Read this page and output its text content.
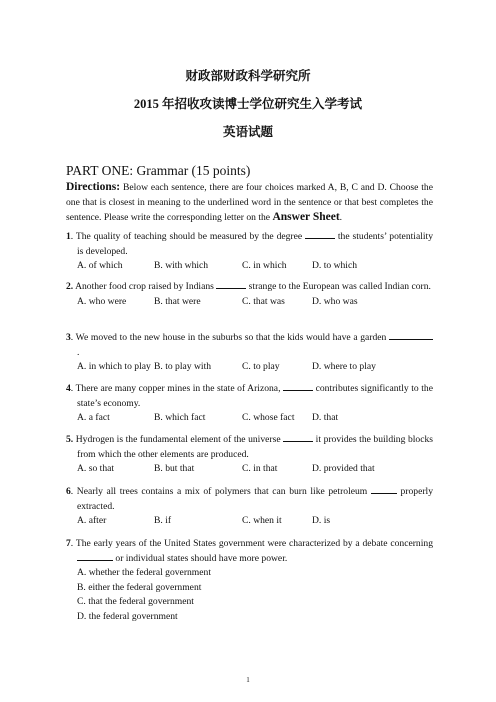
财政部财政科学研究所
2015 年招收攻读博士学位研究生入学考试
英语试题
PART ONE: Grammar (15 points)
Directions: Below each sentence, there are four choices marked A, B, C and D. Choose the one that is closest in meaning to the underlined word in the sentence or that best completes the sentence. Please write the corresponding letter on the Answer Sheet.
1. The quality of teaching should be measured by the degree	the students’ potentiality is developed.
A. of which	B. with which	C. in which	D. to which
2. Another food crop raised by Indians	strange to the European was called Indian corn.
A. who were	B. that were	C. that was	D. who was
3. We moved to the new house in the suburbs so that the kids would have a garden  .
A. in which to play B. to play with	C. to play	D. where to play
4. There are many copper mines in the state of Arizona,	contributes significantly to the state’s economy.
A. a fact	B. which fact	C. whose fact D. that
5. Hydrogen is the fundamental element of the universe	it provides the building blocks from which the other elements are produced.
A. so that	B. but that	C. in that	D. provided that
6. Nearly all trees contains a mix of polymers that can burn like petroleum	properly extracted.
A. after	B. if	C. when it	D. is
7. The early years of the United States government were characterized by a debate concerning  or individual states should have more power.
A. whether the federal government
B. either the federal government
C. that the federal government
D. the federal government
1
